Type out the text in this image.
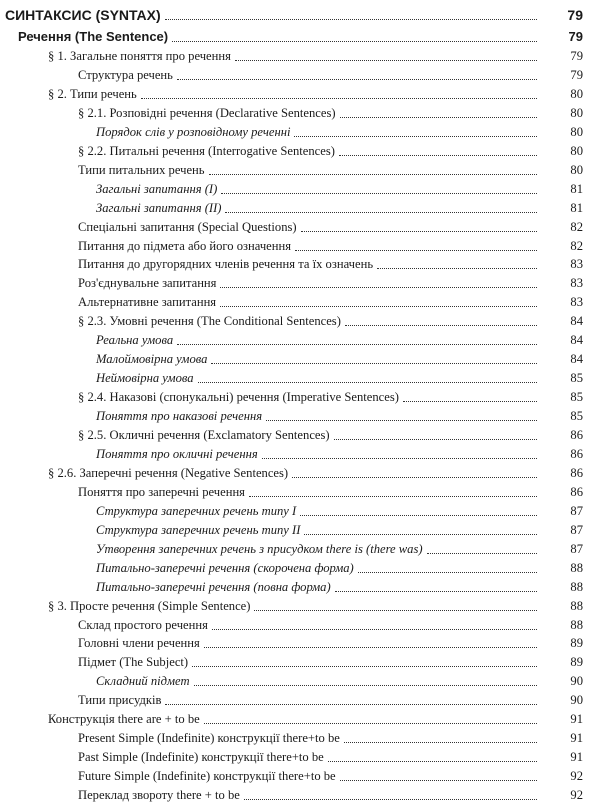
СИНТАКСИС (SYNTAX)	79
Речення (The Sentence)	79
§ 1. Загальне поняття про речення	79
Структура речень	79
§ 2. Типи речень	80
§ 2.1. Розповідні речення (Declarative Sentences)	80
Порядок слів у розповідному реченні	80
§ 2.2. Питальні речення (Interrogative Sentences)	80
Типи питальних речень	80
Загальні запитання (I)	81
Загальні запитання (II)	81
Спеціальні запитання (Special Questions)	82
Питання до підмета або його означення	82
Питання до другорядних членів речення та їх означень	83
Роз'єднувальне запитання	83
Альтернативне запитання	83
§ 2.3. Умовні речення (The Conditional Sentences)	84
Реальна умова	84
Малоймовірна умова	84
Неймовірна умова	85
§ 2.4. Наказові (спонукальні) речення (Imperative Sentences)	85
Поняття про наказові речення	85
§ 2.5. Окличні речення (Exclamatory Sentences)	86
Поняття про окличні речення	86
§ 2.6. Заперечні речення (Negative Sentences)	86
Поняття про заперечні речення	86
Структура заперечних речень типу I	87
Структура заперечних речень типу II	87
Утворення заперечних речень з присудком there is (there was)	87
Питально-заперечні речення (скорочена форма)	88
Питально-заперечні речення (повна форма)	88
§ 3. Просте речення (Simple Sentence)	88
Склад простого речення	88
Головні члени речення	89
Підмет (The Subject)	89
Складний підмет	90
Типи присудків	90
Конструкція there are + to be	91
Present Simple (Indefinite) конструкції there+to be	91
Past Simple (Indefinite) конструкції there+to be	91
Future Simple (Indefinite) конструкції there+to be	92
Переклад звороту there + to be	92
